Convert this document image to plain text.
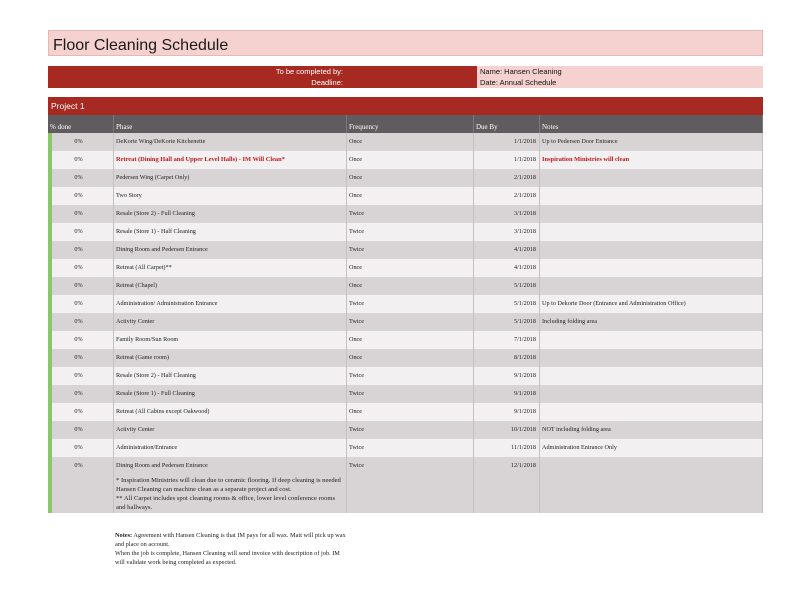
Floor Cleaning Schedule
To be completed by:	Name: Hansen Cleaning
Deadline:	Date: Annual Schedule
Project 1
% done	Phase	Frequency	Due By	Notes
0%	DeKorte Wing/DeKorte Kitchenette	Once	1/1/2018 Up to Pedersen Door Entrance
0%	Retreat (Dining Hall and Upper Level Halls) - IM Will Clean*	Once	1/1/2018 Inspiration Ministries will clean
0%	Pedersen Wing (Carpet Only)	Once	2/1/2018
0%	Two Story	Once	2/1/2018
0%	Resale (Store 2) - Full Cleaning	Twice	3/1/2018
0%	Resale (Store 1) - Half Cleaning	Twice	3/1/2018
0%	Dining Room and Pedersen Entrance	Twice	4/1/2018
0%	Retreat (All Carpet)**	Once	4/1/2018
0%	Retreat (Chapel)	Once	5/1/2018
0%	Administration/ Administration Entrance	Twice	5/1/2018 Up to Dekorte Door (Entrance and Administration Office)
0%	Activity Center	Twice	5/1/2018 Including folding area
0%	Family Room/Sun Room	Once	7/1/2018
0%	Retreat (Game room)	Once	8/1/2018
0%	Resale (Store 2) - Half Cleaning	Twice	9/1/2018
0%	Resale (Store 1) - Full Cleaning	Twice	9/1/2018
0%	Retreat (All Cabins except Oakwood)	Once	9/1/2018
0%	Activity Center	Twice	10/1/2018 NOT including folding area
0%	Administration/Entrance	Twice	11/1/2018 Administration Entrance Only
0%	Dining Room and Pedersen Entrance	Twice	12/1/2018

* Inspiration Ministries will clean due to ceramic flooring. If deep cleaning is needed Hansen Cleaning can machine clean as a separate project and cost.

** All Carpet includes spot cleaning rooms & office, lower level conference rooms and hallways.

Notes: Agreement with Hansen Cleaning is that IM pays for all wax. Matt will pick up wax and place on account.

When the job is complete, Hansen Cleaning will send invoice with description of job. IM will validate work being completed as expected.
